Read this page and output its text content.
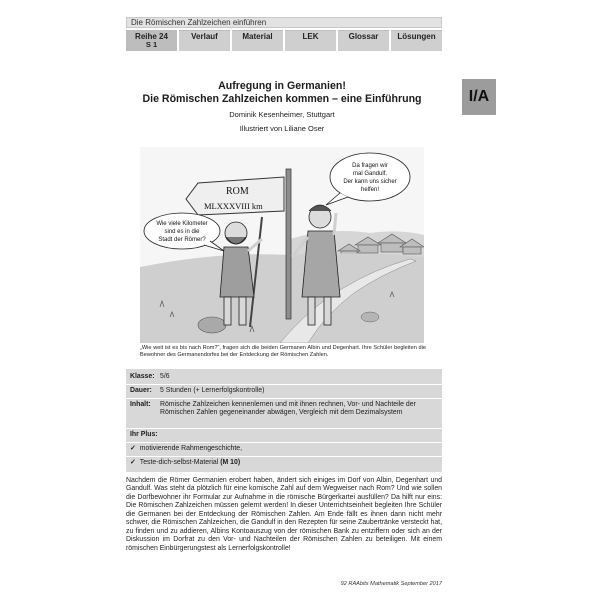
Die Römischen Zahlzeichen einführen
Reihe 24
S 1
Verlauf	Material	LEK	Glossar	Lösungen
I/A
Aufregung in Germanien!
Die Römischen Zahlzeichen kommen – eine Einführung
Dominik Kesenheimer, Stuttgart
Illustriert von Liliane Oser
ROM
MLXXXVIII km
Wie viele Kilometer
sind es in die
Stadt der Römer?
Da fragen wir
mal Gandulf.
Der kann uns sicher
helfen!
„Wie weit ist es bis nach Rom?“, fragen sich die beiden Germanen Albin und Degenhart. Ihre Schüler begleiten die Bewohner des Germanendorfes bei der Entdeckung der Römischen Zahlen.
Klasse: 5/6
Dauer: 5 Stunden (+ Lernerfolgskontrolle)
Inhalt: Römische Zahlzeichen kennenlernen und mit ihnen rechnen, Vor- und Nachteile der Römischen Zahlen gegeneinander abwägen, Vergleich mit dem Dezimalsystem
Ihr Plus:
✓ motivierende Rahmengeschichte,
✓ Teste-dich-selbst-Material (M 10)
Nachdem die Römer Germanien erobert haben, ändert sich einiges im Dorf von Albin, Degenhart und Gandulf. Was steht da plötzlich für eine komische Zahl auf dem Wegweiser nach Rom? Und wie sollen die Dorfbewohner ihr Formular zur Aufnahme in die römische Bürgerkartei ausfüllen? Da hilft nur eins: Die Römischen Zahlzeichen müssen gelernt werden! In dieser Unterrichtseinheit begleiten Ihre Schüler die Germanen bei der Entdeckung der Römischen Zahlen. Am Ende fällt es ihnen dann nicht mehr schwer, die Römischen Zahlzeichen, die Gandulf in den Rezepten für seine Zaubertränke versteckt hat, zu finden und zu addieren, Albins Kontoauszug von der römischen Bank zu entziffern oder sich an der Diskussion im Dorfrat zu den Vor- und Nachteilen der Römischen Zahlen zu beteiligen. Mit einem römischen Einbürgerungstest als Lernerfolgskontrolle!
92 RAAbits Mathematik September 2017
